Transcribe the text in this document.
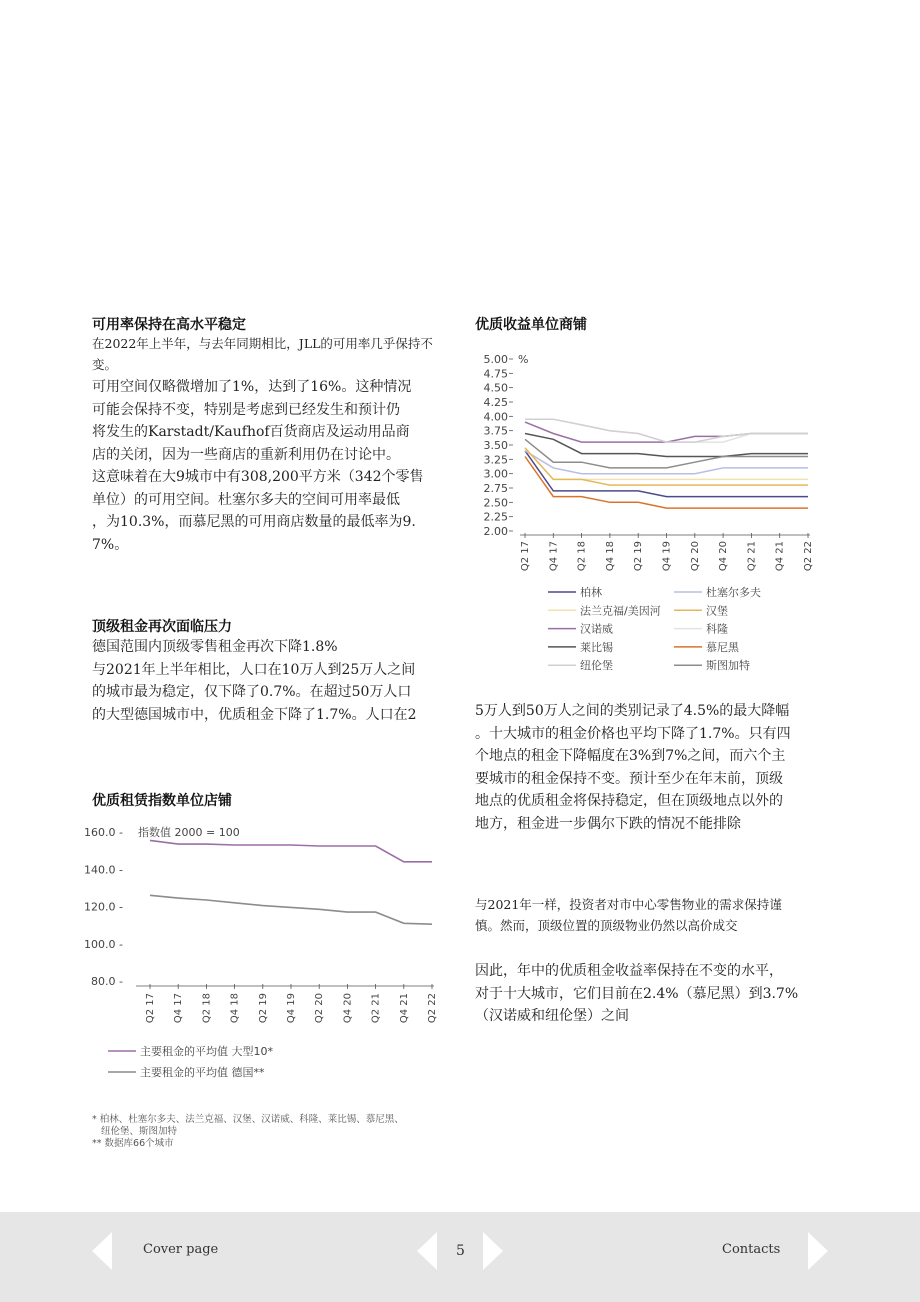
可用率保持在高水平稳定
在2022年上半年，与去年同期相比，JLL的可用率几乎保持不变。

可用空间仅略微增加了1%，达到了16%。这种情况

可能会保持不变，特别是考虑到已经发生和预计仍

将发生的Karstadt/Kaufhof百货商店及运动用品商

店的关闭，因为一些商店的重新利用仍在讨论中。

这意味着在大9城市中有308,200平方米（342个零售

单位）的可用空间。杜塞尔多夫的空间可用率最低

，为10.3%，而慕尼黑的可用商店数量的最低率为9.

7%。

顶级租金再次面临压力

德国范围内顶级零售租金再次下降1.8%

与2021年上半年相比，人口在10万人到25万人之间

的城市最为稳定，仅下降了0.7%。在超过50万人口

的大型德国城市中，优质租金下降了1.7%。人口在2

优质租赁指数单位店铺
160.0 -
140.0 -
120.0 -
100.0 -
80.0 -
指数值 2000 = 100
Q2 17 Q4 17 Q2 18 Q4 18 Q2 19 Q4 19 Q2 20 Q4 20 Q2 21 Q4 21 Q2 22
主要租金的平均值 大型10*
主要租金的平均值 德国**
* 柏林、杜塞尔多夫、法兰克福、汉堡、汉诺威、科隆、莱比锡、慕尼黑、
纽伦堡、斯图加特
** 数据库66个城市
优质收益单位商铺
5.00
4.75
4.50
4.25
4.00
3.75
3.50
3.25
3.00
2.75
2.50
2.25
2.00
%
Q2 17 Q4 17 Q2 18 Q4 18 Q2 19 Q4 19 Q2 20 Q4 20 Q2 21 Q4 21 Q2 22
柏林	杜塞尔多夫
法兰克福/美因河	汉堡
汉诺威	科隆
莱比锡	慕尼黑
纽伦堡	斯图加特

5万人到50万人之间的类别记录了4.5%的最大降幅

。十大城市的租金价格也平均下降了1.7%。只有四

个地点的租金下降幅度在3%到7%之间，而六个主

要城市的租金保持不变。预计至少在年末前，顶级

地点的优质租金将保持稳定，但在顶级地点以外的

地方，租金进一步偶尔下跌的情况不能排除

与2021年一样，投资者对市中心零售物业的需求保持谨

慎。然而，顶级位置的顶级物业仍然以高价成交

因此，年中的优质租金收益率保持在不变的水平，

对于十大城市，它们目前在2.4%（慕尼黑）到3.7%

（汉诺威和纽伦堡）之间

Cover page	5	Contacts
